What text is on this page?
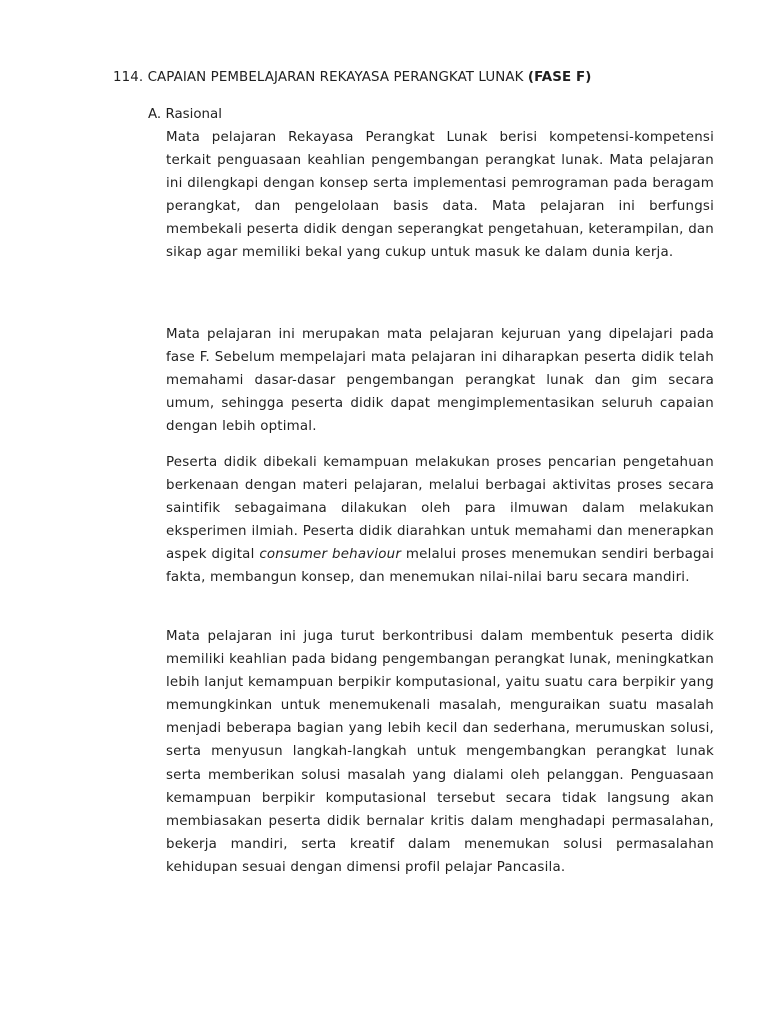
114. CAPAIAN PEMBELAJARAN REKAYASA PERANGKAT LUNAK (FASE F)
A. Rasional

Mata pelajaran Rekayasa Perangkat Lunak berisi kompetensi-kompetensi terkait penguasaan keahlian pengembangan perangkat lunak. Mata pelajaran ini dilengkapi dengan konsep serta implementasi pemrograman pada beragam perangkat, dan pengelolaan basis data. Mata pelajaran ini berfungsi membekali peserta didik dengan seperangkat pengetahuan, keterampilan, dan sikap agar memiliki bekal yang cukup untuk masuk ke dalam dunia kerja.

Mata pelajaran ini merupakan mata pelajaran kejuruan yang dipelajari pada fase F. Sebelum mempelajari mata pelajaran ini diharapkan peserta didik telah memahami dasar-dasar pengembangan perangkat lunak dan gim secara umum, sehingga peserta didik dapat mengimplementasikan seluruh capaian dengan lebih optimal.

Peserta didik dibekali kemampuan melakukan proses pencarian pengetahuan berkenaan dengan materi pelajaran, melalui berbagai aktivitas proses secara saintifik sebagaimana dilakukan oleh para ilmuwan dalam melakukan eksperimen ilmiah. Peserta didik diarahkan untuk memahami dan menerapkan aspek digital consumer behaviour melalui proses menemukan sendiri berbagai fakta, membangun konsep, dan menemukan nilai-nilai baru secara mandiri.

Mata pelajaran ini juga turut berkontribusi dalam membentuk peserta didik memiliki keahlian pada bidang pengembangan perangkat lunak, meningkatkan lebih lanjut kemampuan berpikir komputasional, yaitu suatu cara berpikir yang memungkinkan untuk menemukenali masalah, menguraikan suatu masalah menjadi beberapa bagian yang lebih kecil dan sederhana, merumuskan solusi, serta menyusun langkah-langkah untuk mengembangkan perangkat lunak serta memberikan solusi masalah yang dialami oleh pelanggan. Penguasaan kemampuan berpikir komputasional tersebut secara tidak langsung akan membiasakan peserta didik bernalar kritis dalam menghadapi permasalahan, bekerja mandiri, serta kreatif dalam menemukan solusi permasalahan kehidupan sesuai dengan dimensi profil pelajar Pancasila.
